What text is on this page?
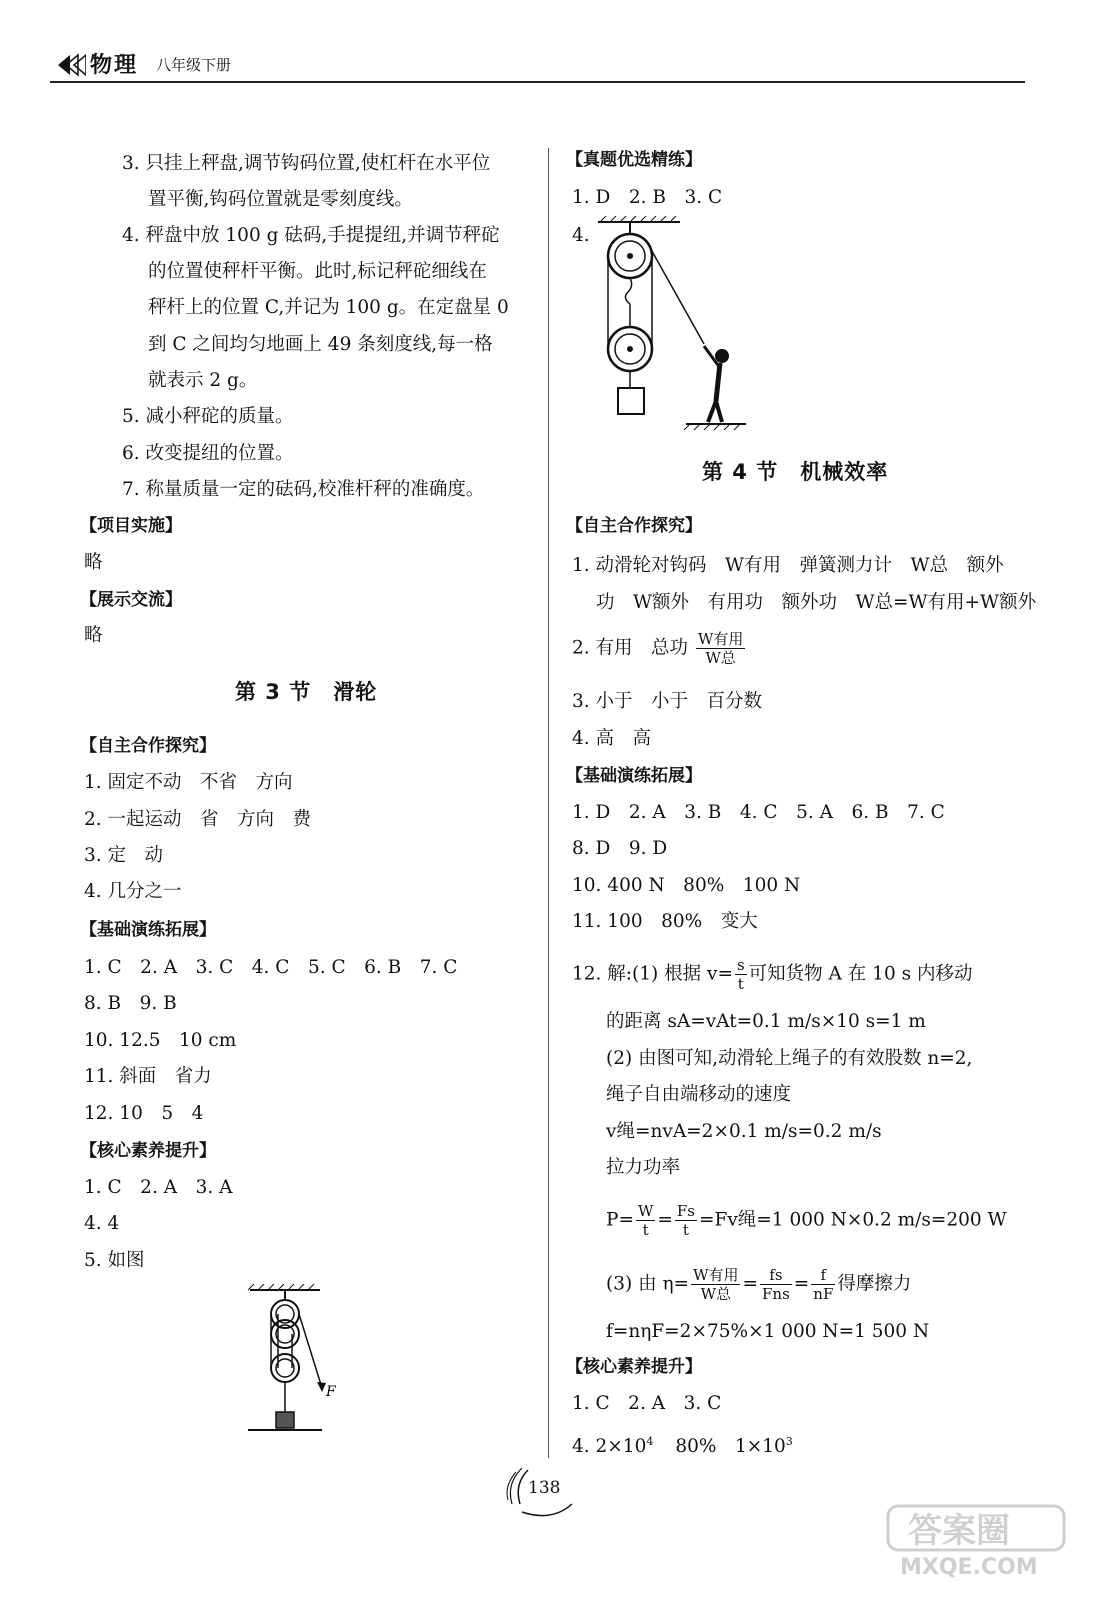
物理 八年级下册
3. 只挂上秤盘,调节钩码位置,使杠杆在水平位
置平衡,钩码位置就是零刻度线。
4. 秤盘中放 100 g 砝码,手提提纽,并调节秤砣
的位置使秤杆平衡。此时,标记秤砣细线在
秤杆上的位置 C,并记为 100 g。在定盘星 0
到 C 之间均匀地画上 49 条刻度线,每一格
就表示 2 g。
5. 减小秤砣的质量。
6. 改变提纽的位置。
7. 称量质量一定的砝码,校准杆秤的准确度。
【项目实施】
略
【展示交流】
略
第 3 节　滑轮
【自主合作探究】
1. 固定不动　不省　方向
2. 一起运动　省　方向　费
3. 定　动
4. 几分之一
【基础演练拓展】
1. C　2. A　3. C　4. C　5. C　6. B　7. C
8. B　9. B
10. 12.5　10 cm
11. 斜面　省力
12. 10　5　4
【核心素养提升】
1. C　2. A　3. A
4. 4
5. 如图
F
【真题优选精练】
1. D　2. B　3. C
4.
第 4 节　机械效率
【自主合作探究】
1. 动滑轮对钩码　W有用　弹簧测力计　W总　额外
功　W额外　有用功　额外功　W总=W有用+W额外
2. 有用　总功 $\frac{\text{W有用}}{\text{W总}}$
3. 小于　小于　百分数
4. 高　高
【基础演练拓展】
1. D　2. A　3. B　4. C　5. A　6. B　7. C
8. D　9. D
10. 400 N　80%　100 N
11. 100　80%　变大
12. 解:(1) 根据 $v= \frac{s}{t}$ 可知货物 A 在 10 s 内移动
的距离 sA=vAt=0.1 m/s×10 s=1 m
(2) 由图可知,动滑轮上绳子的有效股数 n=2,
绳子自由端移动的速度
v绳=nvA=2×0.1 m/s=0.2 m/s
拉力功率
$P= \frac{W}{t} = \frac{Fs}{t} =Fv$绳=1 000 N×0.2 m/s=200 W
(3) 由 $\eta= \frac{\text{W有用}}{\text{W总}} = \frac{fs}{\text{Fns}} = \frac{f}{nF}$ 得摩擦力
f=nηF=2×75%×1 000 N=1 500 N
【核心素养提升】
1. C　2. A　3. C
4. $2\times 10^4$ 80%　$1\times 10^3$
138
答案圈
MXQE.COM
